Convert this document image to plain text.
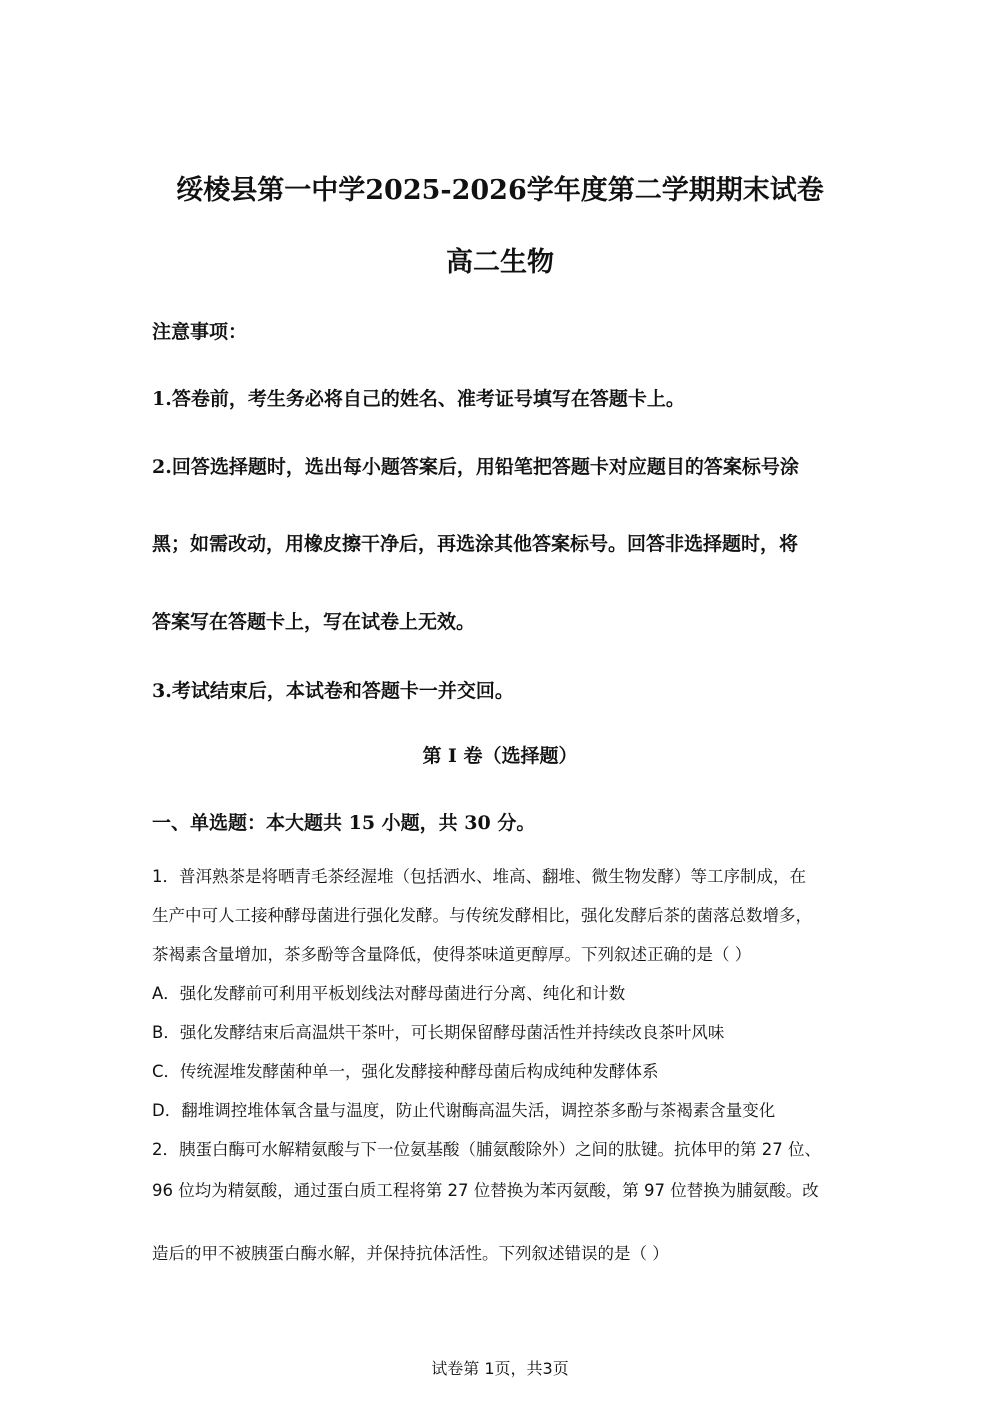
绥棱县第一中学2025-2026学年度第二学期期末试卷
高二生物
注意事项：
1.答卷前，考生务必将自己的姓名、准考证号填写在答题卡上。
2.回答选择题时，选出每小题答案后，用铅笔把答题卡对应题目的答案标号涂
黑；如需改动，用橡皮擦干净后，再选涂其他答案标号。回答非选择题时，将
答案写在答题卡上，写在试卷上无效。
3.考试结束后，本试卷和答题卡一并交回。
第 I 卷（选择题）
一、单选题：本大题共 15 小题，共 30 分。
1．普洱熟茶是将晒青毛茶经渥堆（包括洒水、堆高、翻堆、微生物发酵）等工序制成，在
生产中可人工接种酵母菌进行强化发酵。与传统发酵相比，强化发酵后茶的菌落总数增多，
茶褐素含量增加，茶多酚等含量降低，使得茶味道更醇厚。下列叙述正确的是（ ）
A．强化发酵前可利用平板划线法对酵母菌进行分离、纯化和计数
B．强化发酵结束后高温烘干茶叶，可长期保留酵母菌活性并持续改良茶叶风味
C．传统渥堆发酵菌种单一，强化发酵接种酵母菌后构成纯种发酵体系
D．翻堆调控堆体氧含量与温度，防止代谢酶高温失活，调控茶多酚与茶褐素含量变化
2．胰蛋白酶可水解精氨酸与下一位氨基酸（脯氨酸除外）之间的肽键。抗体甲的第 27 位、
96 位均为精氨酸，通过蛋白质工程将第 27 位替换为苯丙氨酸，第 97 位替换为脯氨酸。改
造后的甲不被胰蛋白酶水解，并保持抗体活性。下列叙述错误的是（ ）
试卷第 1页，共3页
